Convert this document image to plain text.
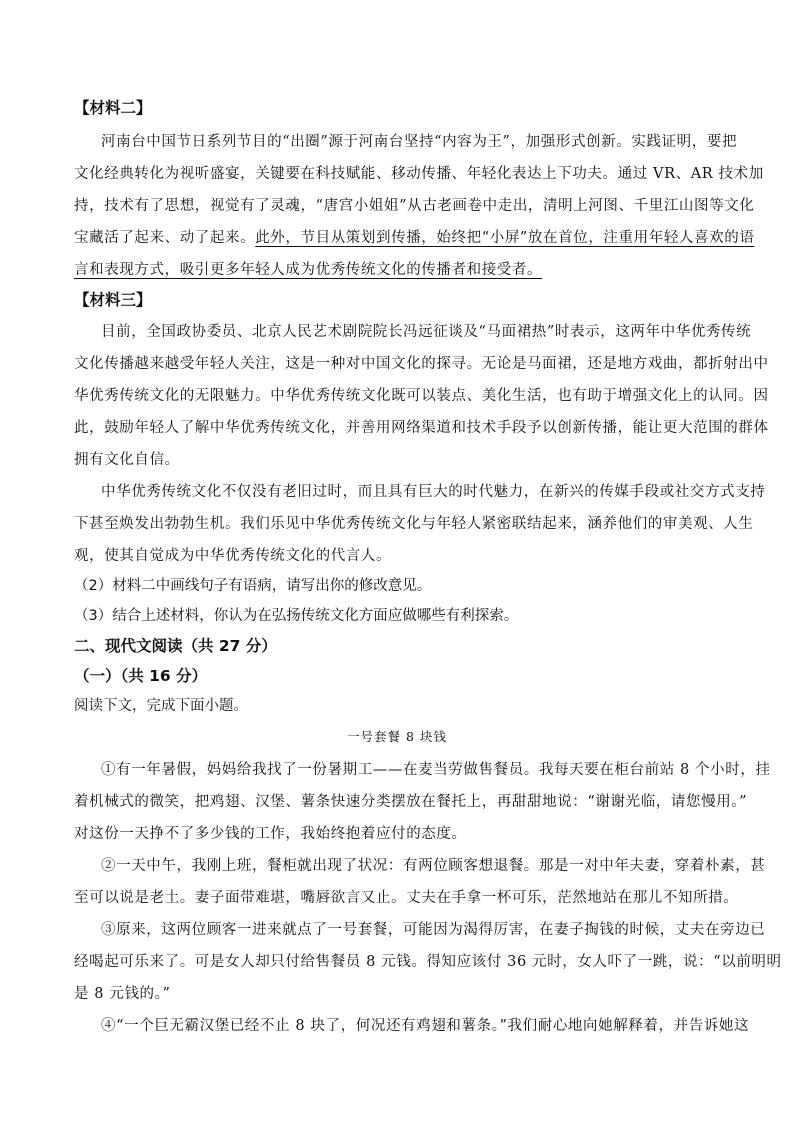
【材料二】
河南台中国节日系列节目的“出圈”源于河南台坚持“内容为王”，加强形式创新。实践证明，要把
文化经典转化为视听盛宴，关键要在科技赋能、移动传播、年轻化表达上下功夫。通过 VR、AR 技术加
持，技术有了思想，视觉有了灵魂，“唐宫小姐姐”从古老画卷中走出，清明上河图、千里江山图等文化
宝藏活了起来、动了起来。此外，节目从策划到传播，始终把“小屏”放在首位，注重用年轻人喜欢的语
言和表现方式，吸引更多年轻人成为优秀传统文化的传播者和接受者。
【材料三】
目前，全国政协委员、北京人民艺术剧院院长冯远征谈及“马面裙热”时表示，这两年中华优秀传统
文化传播越来越受年轻人关注，这是一种对中国文化的探寻。无论是马面裙，还是地方戏曲，都折射出中
华优秀传统文化的无限魅力。中华优秀传统文化既可以装点、美化生活，也有助于增强文化上的认同。因
此，鼓励年轻人了解中华优秀传统文化，并善用网络渠道和技术手段予以创新传播，能让更大范围的群体
拥有文化自信。
中华优秀传统文化不仅没有老旧过时，而且具有巨大的时代魅力，在新兴的传媒手段或社交方式支持
下甚至焕发出勃勃生机。我们乐见中华优秀传统文化与年轻人紧密联结起来，涵养他们的审美观、人生
观，使其自觉成为中华优秀传统文化的代言人。
（2）材料二中画线句子有语病，请写出你的修改意见。
（3）结合上述材料，你认为在弘扬传统文化方面应做哪些有利探索。
二、现代文阅读（共 27 分）
（一）（共 16 分）
阅读下文，完成下面小题。
一号套餐 8 块钱
①有一年暑假，妈妈给我找了一份暑期工——在麦当劳做售餐员。我每天要在柜台前站 8 个小时，挂
着机械式的微笑，把鸡翅、汉堡、薯条快速分类摆放在餐托上，再甜甜地说：“谢谢光临，请您慢用。”
对这份一天挣不了多少钱的工作，我始终抱着应付的态度。
②一天中午，我刚上班，餐柜就出现了状况：有两位顾客想退餐。那是一对中年夫妻，穿着朴素，甚
至可以说是老土。妻子面带难堪，嘴唇欲言又止。丈夫在手拿一杯可乐，茫然地站在那儿不知所措。
③原来，这两位顾客一进来就点了一号套餐，可能因为渴得厉害，在妻子掏钱的时候，丈夫在旁边已
经喝起可乐来了。可是女人却只付给售餐员 8 元钱。得知应该付 36 元时，女人吓了一跳，说：“以前明明
是 8 元钱的。”
④“一个巨无霸汉堡已经不止 8 块了，何况还有鸡翅和薯条。”我们耐心地向她解释着，并告诉她这
